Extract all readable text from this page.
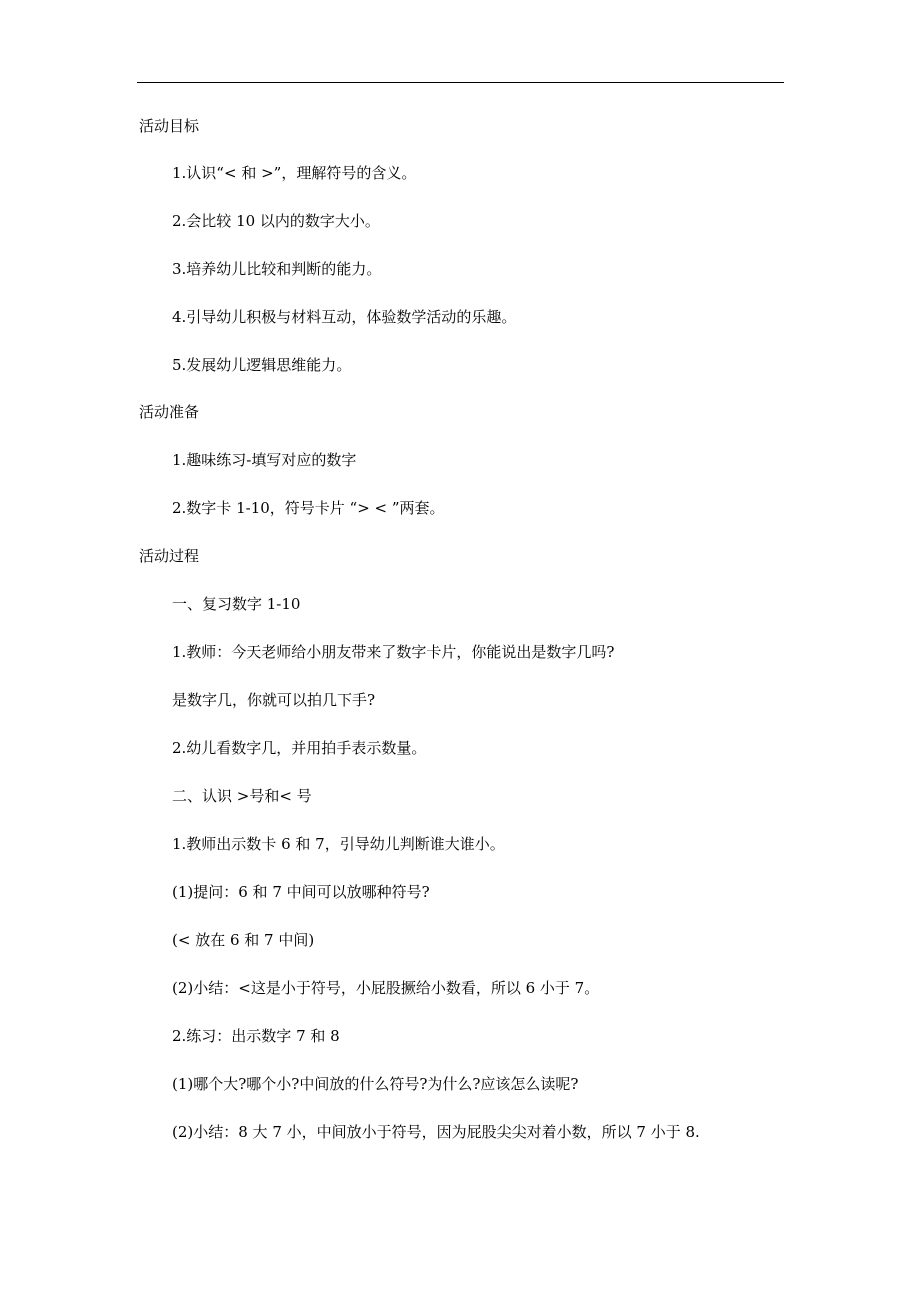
活动目标
1.认识“< 和 >”，理解符号的含义。
2.会比较 10 以内的数字大小。
3.培养幼儿比较和判断的能力。
4.引导幼儿积极与材料互动，体验数学活动的乐趣。
5.发展幼儿逻辑思维能力。
活动准备
1.趣味练习-填写对应的数字
2.数字卡 1-10，符号卡片 “> < ”两套。
活动过程
一、复习数字 1-10
1.教师：今天老师给小朋友带来了数字卡片，你能说出是数字几吗?
是数字几，你就可以拍几下手?
2.幼儿看数字几，并用拍手表示数量。
二、认识 >号和< 号
1.教师出示数卡 6 和 7，引导幼儿判断谁大谁小。
(1)提问：6 和 7 中间可以放哪种符号?
(< 放在 6 和 7 中间)
(2)小结：<这是小于符号，小屁股撅给小数看，所以 6 小于 7。
2.练习：出示数字 7 和 8
(1)哪个大?哪个小?中间放的什么符号?为什么?应该怎么读呢?
(2)小结：8 大 7 小，中间放小于符号，因为屁股尖尖对着小数，所以 7 小于 8.
